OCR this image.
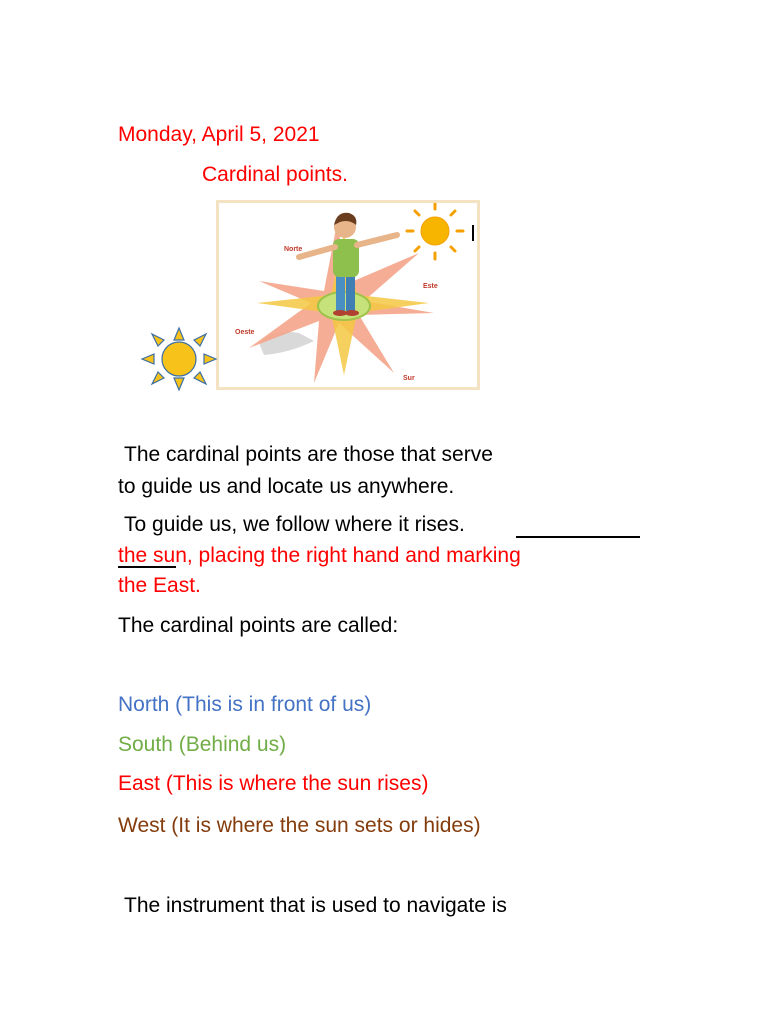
Monday, April 5, 2021
Cardinal points.
Norte
Este
Oeste
Sur
The cardinal points are those that serve
to guide us and locate us anywhere.
To guide us, we follow where it rises.
the sun, placing the right hand and marking
the East.
The cardinal points are called:
North (This is in front of us)
South (Behind us)
East (This is where the sun rises)
West (It is where the sun sets or hides)
The instrument that is used to navigate is
